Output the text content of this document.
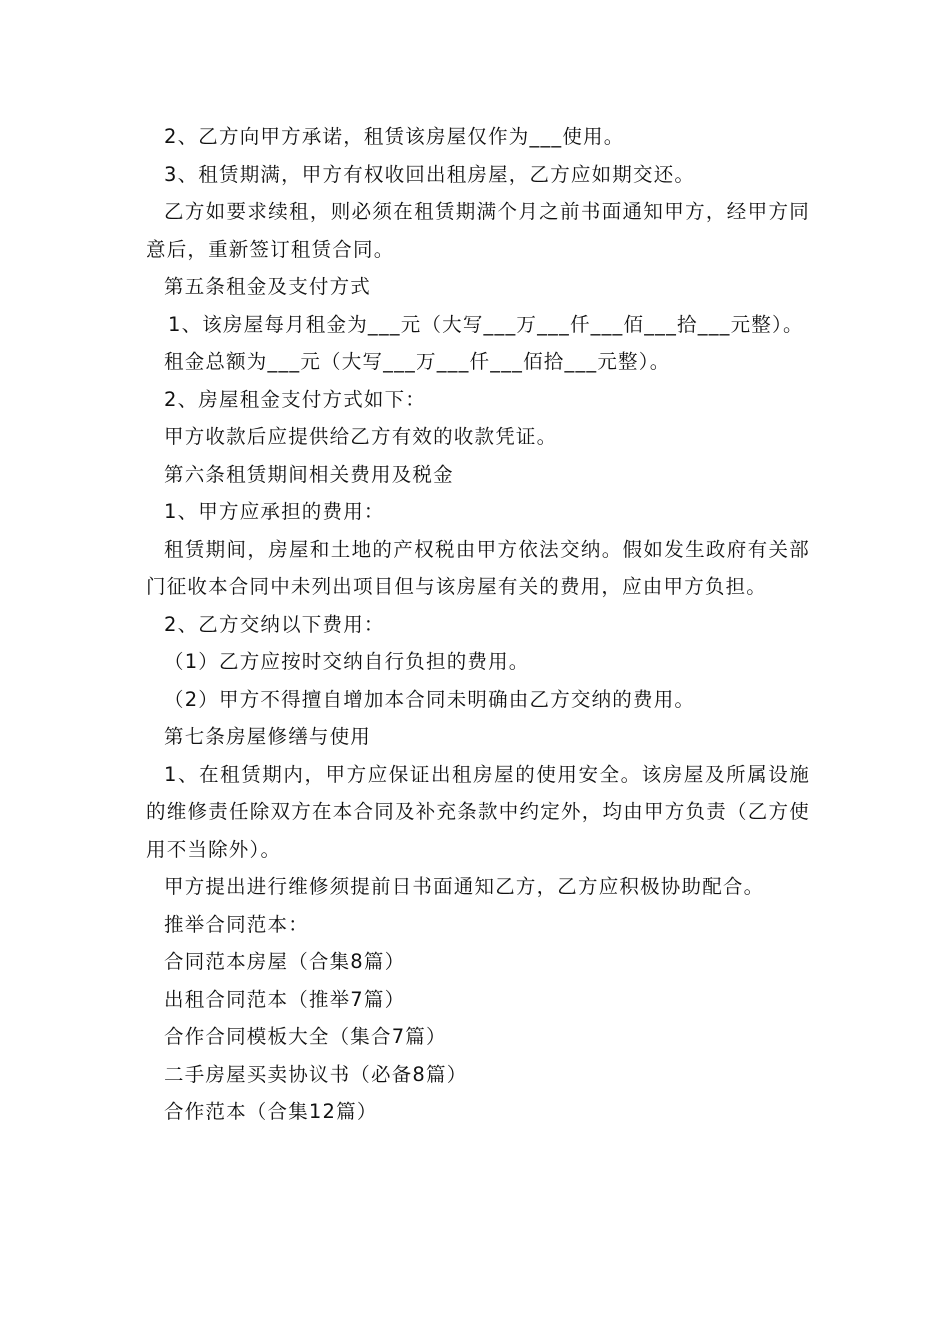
2、乙方向甲方承诺，租赁该房屋仅作为___使用。

3、租赁期满，甲方有权收回出租房屋，乙方应如期交还。

乙方如要求续租，则必须在租赁期满个月之前书面通知甲方，经甲方同意后，重新签订租赁合同。

第五条租金及支付方式

1、该房屋每月租金为___元（大写___万___仟___佰___拾___元整）。

租金总额为___元（大写___万___仟___佰拾___元整）。

2、房屋租金支付方式如下：

甲方收款后应提供给乙方有效的收款凭证。

第六条租赁期间相关费用及税金

1、甲方应承担的费用：

租赁期间，房屋和土地的产权税由甲方依法交纳。假如发生政府有关部门征收本合同中未列出项目但与该房屋有关的费用，应由甲方负担。

2、乙方交纳以下费用：

（1）乙方应按时交纳自行负担的费用。

（2）甲方不得擅自增加本合同未明确由乙方交纳的费用。

第七条房屋修缮与使用

1、在租赁期内，甲方应保证出租房屋的使用安全。该房屋及所属设施的维修责任除双方在本合同及补充条款中约定外，均由甲方负责（乙方使用不当除外）。

甲方提出进行维修须提前日书面通知乙方，乙方应积极协助配合。

推举合同范本：

合同范本房屋（合集8篇）

出租合同范本（推举7篇）

合作合同模板大全（集合7篇）

二手房屋买卖协议书（必备8篇）

合作范本（合集12篇）
